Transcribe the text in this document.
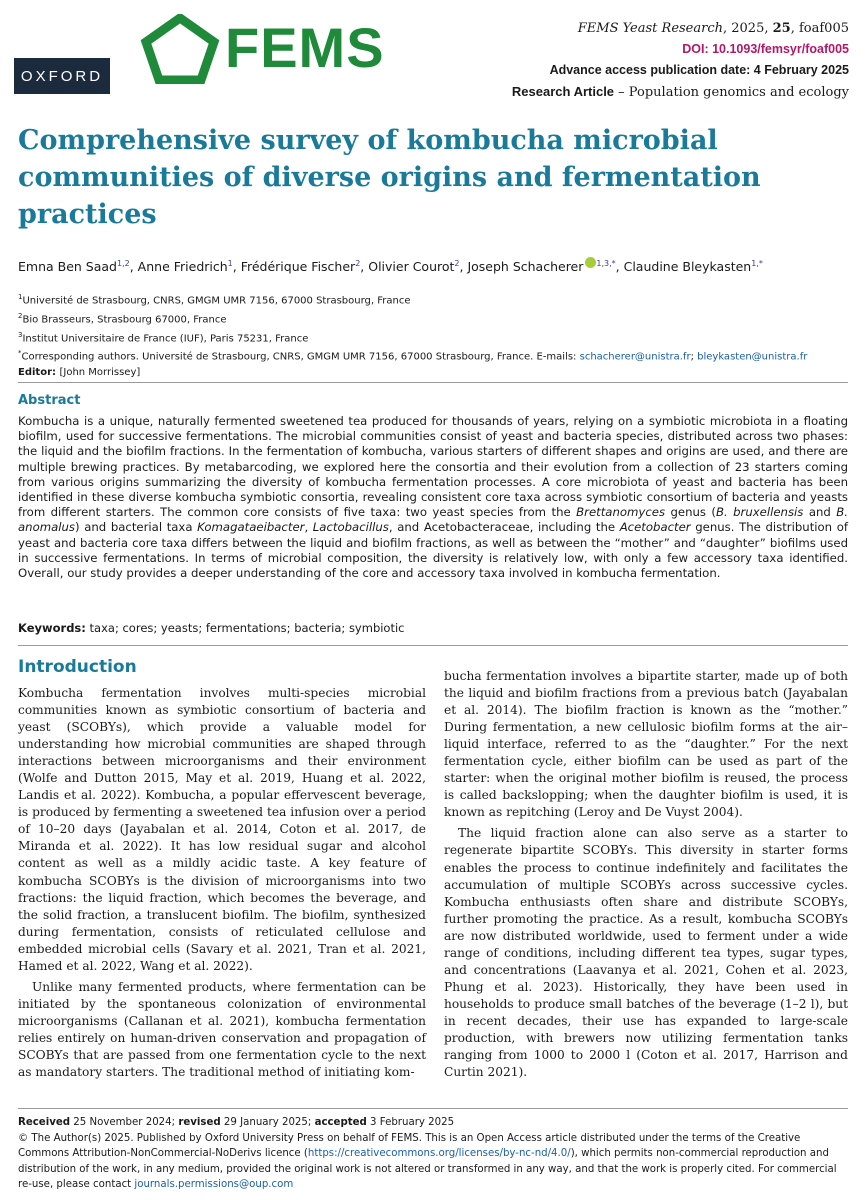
OXFORD FEMS	FEMS Yeast Research, 2025, 25, foaf005
DOI: 10.1093/femsyr/foaf005
Advance access publication date: 4 February 2025
Research Article – Population genomics and ecology
Comprehensive survey of kombucha microbial communities of diverse origins and fermentation practices
Emna Ben Saad$^{1,2}$, Anne Friedrich$^1$, Frédérique Fischer$^2$, Olivier Courot$^2$, Joseph Schacherer $^{1,3,*}$, Claudine Bleykasten$^{1,*}$
$^1$Université de Strasbourg, CNRS, GMGM UMR 7156, 67000 Strasbourg, France
$^2$Bio Brasseurs, Strasbourg 67000, France
$^3$Institut Universitaire de France (IUF), Paris 75231, France
*Corresponding authors. Université de Strasbourg, CNRS, GMGM UMR 7156, 67000 Strasbourg, France. E-mails: schacherer@unistra.fr; bleykasten@unistra.fr
Editor: [John Morrissey]
Abstract
Kombucha is a unique, naturally fermented sweetened tea produced for thousands of years, relying on a symbiotic microbiota in a floating biofilm, used for successive fermentations. The microbial communities consist of yeast and bacteria species, distributed across two phases: the liquid and the biofilm fractions. In the fermentation of kombucha, various starters of different shapes and origins are used, and there are multiple brewing practices. By metabarcoding, we explored here the consortia and their evolution from a collection of 23 starters coming from various origins summarizing the diversity of kombucha fermentation processes. A core microbiota of yeast and bacteria has been identified in these diverse kombucha symbiotic consortia, revealing consistent core taxa across symbiotic consortium of bacteria and yeasts from different starters. The common core consists of five taxa: two yeast species from the Brettanomyces genus (B. bruxellensis and B. anomalus) and bacterial taxa Komagataeibacter, Lactobacillus, and Acetobacteraceae, including the Acetobacter genus. The distribution of yeast and bacteria core taxa differs between the liquid and biofilm fractions, as well as between the “mother” and “daughter” biofilms used in successive fermentations. In terms of microbial composition, the diversity is relatively low, with only a few accessory taxa identified. Overall, our study provides a deeper understanding of the core and accessory taxa involved in kombucha fermentation.
Keywords: taxa; cores; yeasts; fermentations; bacteria; symbiotic
Introduction

Kombucha fermentation involves multi-species microbial communities known as symbiotic consortium of bacteria and yeast (SCOBYs), which provide a valuable model for understanding how microbial communities are shaped through interactions between microorganisms and their environment (Wolfe and Dutton 2015, May et al. 2019, Huang et al. 2022, Landis et al. 2022). Kombucha, a popular effervescent beverage, is produced by fermenting a sweetened tea infusion over a period of 10–20 days (Jayabalan et al. 2014, Coton et al. 2017, de Miranda et al. 2022). It has low residual sugar and alcohol content as well as a mildly acidic taste. A key feature of kombucha SCOBYs is the division of microorganisms into two fractions: the liquid fraction, which becomes the beverage, and the solid fraction, a translucent biofilm. The biofilm, synthesized during fermentation, consists of reticulated cellulose and embedded microbial cells (Savary et al. 2021, Tran et al. 2021, Hamed et al. 2022, Wang et al. 2022).

Unlike many fermented products, where fermentation can be initiated by the spontaneous colonization of environmental microorganisms (Callanan et al. 2021), kombucha fermentation relies entirely on human-driven conservation and propagation of SCOBYs that are passed from one fermentation cycle to the next as mandatory starters. The traditional method of initiating kom-

bucha fermentation involves a bipartite starter, made up of both the liquid and biofilm fractions from a previous batch (Jayabalan et al. 2014). The biofilm fraction is known as the “mother.” During fermentation, a new cellulosic biofilm forms at the air–liquid interface, referred to as the “daughter.” For the next fermentation cycle, either biofilm can be used as part of the starter: when the original mother biofilm is reused, the process is called backslopping; when the daughter biofilm is used, it is known as repitching (Leroy and De Vuyst 2004).

The liquid fraction alone can also serve as a starter to regenerate bipartite SCOBYs. This diversity in starter forms enables the process to continue indefinitely and facilitates the accumulation of multiple SCOBYs across successive cycles. Kombucha enthusiasts often share and distribute SCOBYs, further promoting the practice. As a result, kombucha SCOBYs are now distributed worldwide, used to ferment under a wide range of conditions, including different tea types, sugar types, and concentrations (Laavanya et al. 2021, Cohen et al. 2023, Phung et al. 2023). Historically, they have been used in households to produce small batches of the beverage (1–2 l), but in recent decades, their use has expanded to large-scale production, with brewers now utilizing fermentation tanks ranging from 1000 to 2000 l (Coton et al. 2017, Harrison and Curtin 2021).

Received 25 November 2024; revised 29 January 2025; accepted 3 February 2025
© The Author(s) 2025. Published by Oxford University Press on behalf of FEMS. This is an Open Access article distributed under the terms of the Creative Commons Attribution-NonCommercial-NoDerivs licence (https://creativecommons.org/licenses/by-nc-nd/4.0/), which permits non-commercial reproduction and distribution of the work, in any medium, provided the original work is not altered or transformed in any way, and that the work is properly cited. For commercial re-use, please contact journals.permissions@oup.com
